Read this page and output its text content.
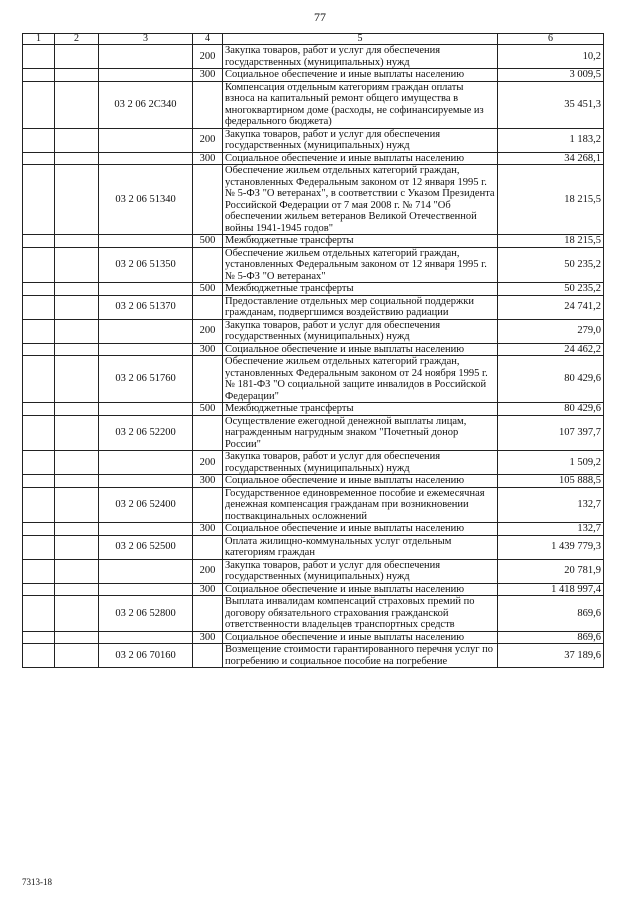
77
1	2	3	4	5	6
			200	Закупка товаров, работ и услуг для обеспечения государственных (муниципальных) нужд	10,2
			300	Социальное обеспечение и иные выплаты населению	3 009,5
		03 2 06 2С340		Компенсация отдельным категориям граждан оплаты взноса на капитальный ремонт общего имущества в многоквартирном доме (расходы, не софинансируемые из федерального бюджета)	35 451,3
			200	Закупка товаров, работ и услуг для обеспечения государственных (муниципальных) нужд	1 183,2
			300	Социальное обеспечение и иные выплаты населению	34 268,1
		03 2 06 51340		Обеспечение жильем отдельных категорий граждан, установленных Федеральным законом от 12 января 1995 г. № 5-ФЗ "О ветеранах", в соответствии с Указом Президента Российской Федерации от 7 мая 2008 г. № 714 "Об обеспечении жильем ветеранов Великой Отечественной войны 1941-1945 годов"	18 215,5
			500	Межбюджетные трансферты	18 215,5
		03 2 06 51350		Обеспечение жильем отдельных категорий граждан, установленных Федеральным законом от 12 января 1995 г. № 5-ФЗ "О ветеранах"	50 235,2
			500	Межбюджетные трансферты	50 235,2
		03 2 06 51370		Предоставление отдельных мер социальной поддержки гражданам, подвергшимся воздействию радиации	24 741,2
			200	Закупка товаров, работ и услуг для обеспечения государственных (муниципальных) нужд	279,0
			300	Социальное обеспечение и иные выплаты населению	24 462,2
		03 2 06 51760		Обеспечение жильем отдельных категорий граждан, установленных Федеральным законом от 24 ноября 1995 г. № 181-ФЗ "О социальной защите инвалидов в Российской Федерации"	80 429,6
			500	Межбюджетные трансферты	80 429,6
		03 2 06 52200		Осуществление ежегодной денежной выплаты лицам, награжденным нагрудным знаком "Почетный донор России"	107 397,7
			200	Закупка товаров, работ и услуг для обеспечения государственных (муниципальных) нужд	1 509,2
			300	Социальное обеспечение и иные выплаты населению	105 888,5
		03 2 06 52400		Государственное единовременное пособие и ежемесячная денежная компенсация гражданам при возникновении поствакцинальных осложнений	132,7
			300	Социальное обеспечение и иные выплаты населению	132,7
		03 2 06 52500		Оплата жилищно-коммунальных услуг отдельным категориям граждан	1 439 779,3
			200	Закупка товаров, работ и услуг для обеспечения государственных (муниципальных) нужд	20 781,9
			300	Социальное обеспечение и иные выплаты населению	1 418 997,4
		03 2 06 52800		Выплата инвалидам компенсаций страховых премий по договору обязательного страхования гражданской ответственности владельцев транспортных средств	869,6
			300	Социальное обеспечение и иные выплаты населению	869,6
		03 2 06 70160		Возмещение стоимости гарантированного перечня услуг по погребению и социальное пособие на погребение	37 189,6
7313-18
